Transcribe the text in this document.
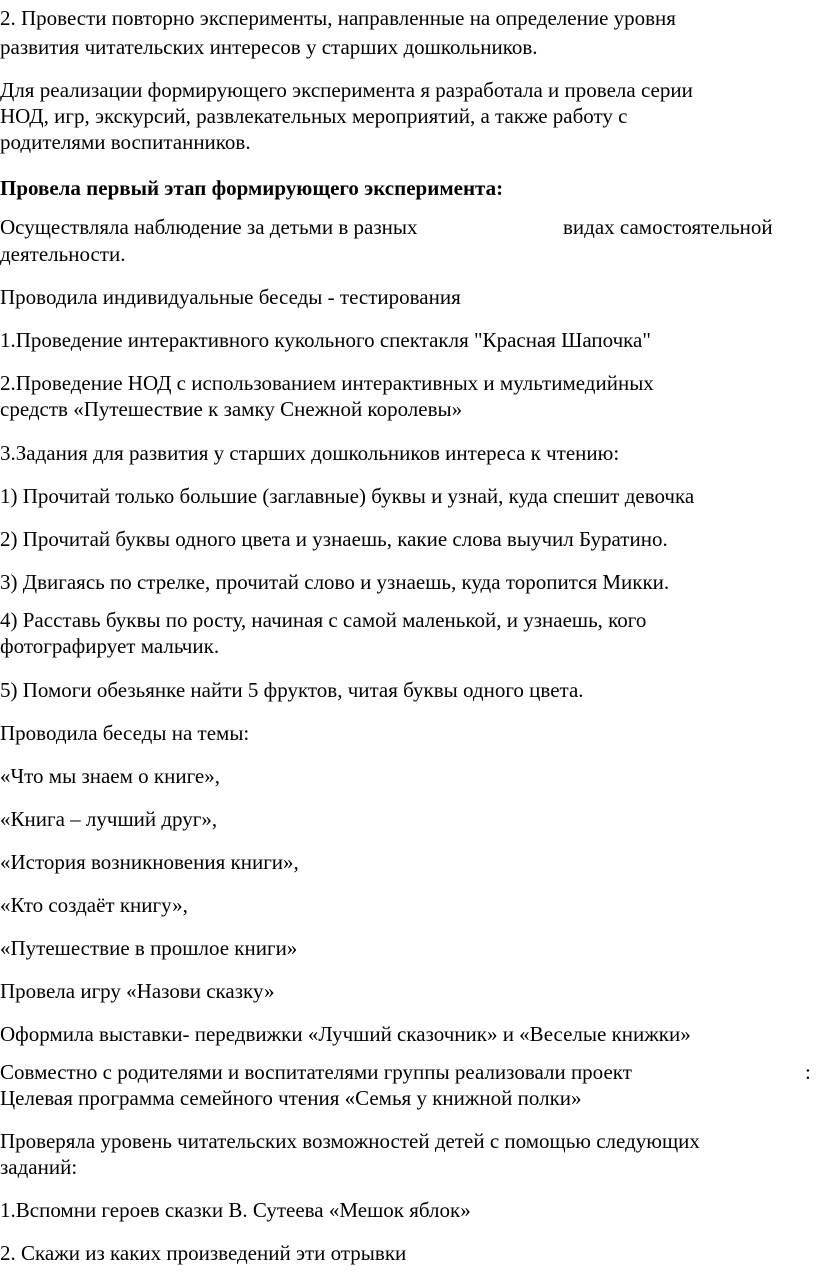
2. Провести повторно эксперименты, направленные на определение уровня
развития читательских интересов у старших дошкольников.
Для реализации формирующего эксперимента я разработала и провела серии
НОД, игр, экскурсий, развлекательных мероприятий, а также работу с
родителями воспитанников.
Провела первый этап формирующего эксперимента:
Осуществляла наблюдение за детьми в разных	видах самостоятельной
деятельности.
Проводила индивидуальные беседы - тестирования
1.Проведение интерактивного кукольного спектакля "Красная Шапочка"
2.Проведение НОД с использованием интерактивных и мультимедийных
средств «Путешествие к замку Снежной королевы»
3.Задания для развития у старших дошкольников интереса к чтению:
1) Прочитай только большие (заглавные) буквы и узнай, куда спешит девочка
2) Прочитай буквы одного цвета и узнаешь, какие слова выучил Буратино.
3) Двигаясь по стрелке, прочитай слово и узнаешь, куда торопится Микки.
4) Расставь буквы по росту, начиная с самой маленькой, и узнаешь, кого
фотографирует мальчик.
5) Помоги обезьянке найти 5 фруктов, читая буквы одного цвета.
Проводила беседы на темы:
«Что мы знаем о книге»,
«Книга – лучший друг»,
«История возникновения книги»,
«Кто создаёт книгу»,
«Путешествие в прошлое книги»
Провела игру «Назови сказку»
Оформила выставки- передвижки «Лучший сказочник» и «Веселые книжки»
Совместно с родителями и воспитателями группы реализовали проект	:
Целевая программа семейного чтения «Семья у книжной полки»
Проверяла уровень читательских возможностей детей с помощью следующих
заданий:
1.Вспомни героев сказки В. Сутеева «Мешок яблок»
2. Скажи из каких произведений эти отрывки
